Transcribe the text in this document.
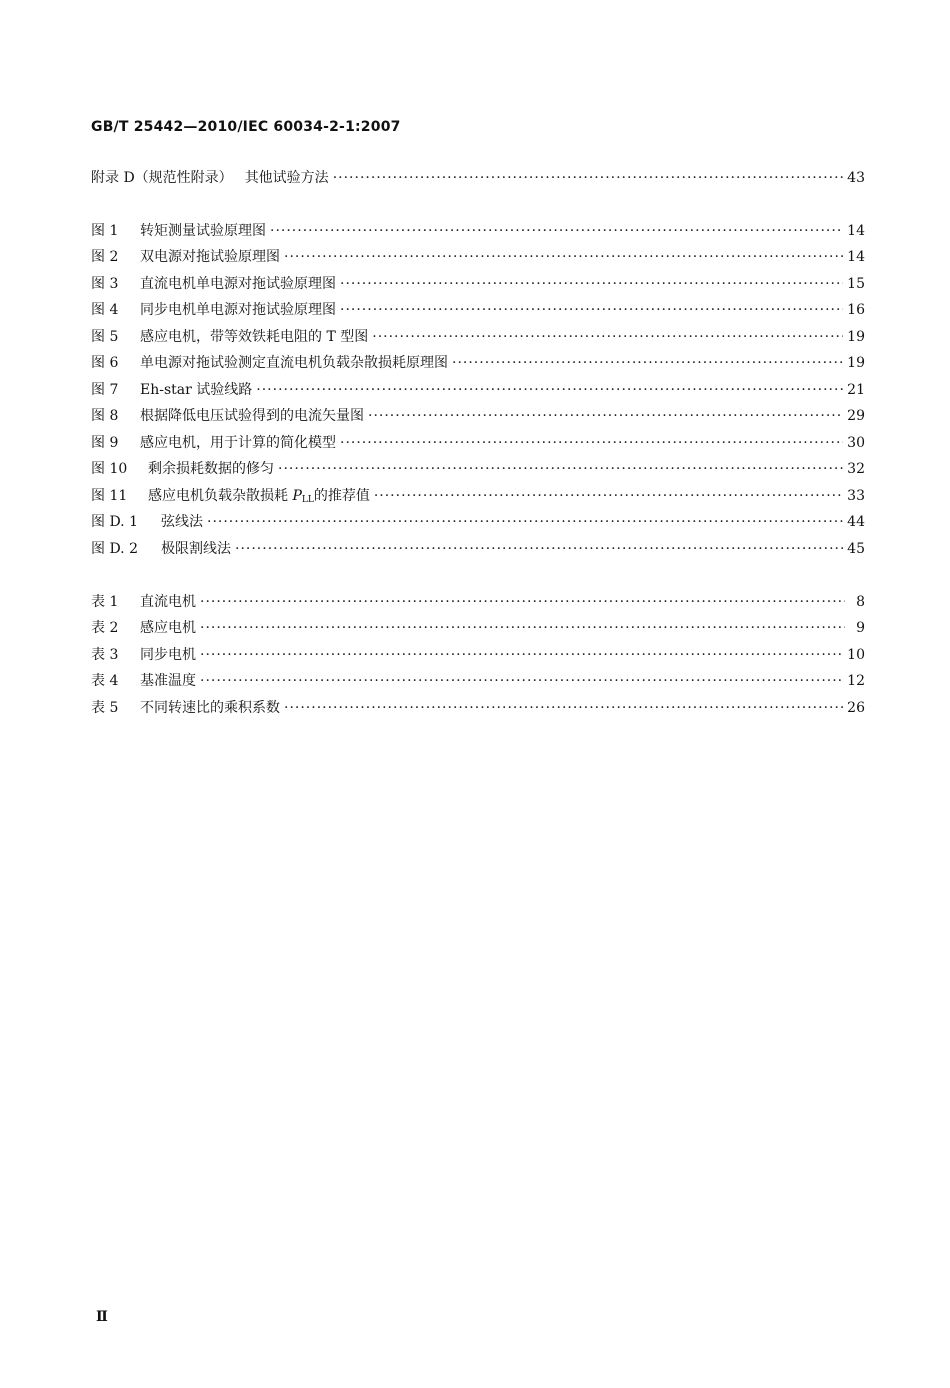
GB/T 25442—2010/IEC 60034-2-1:2007
附录 D（规范性附录） 其他试验方法 ·····	43
图 1	转矩测量试验原理图 ·····	14
图 2	双电源对拖试验原理图 ·····	14
图 3	直流电机单电源对拖试验原理图 ·····	15
图 4	同步电机单电源对拖试验原理图 ·····	16
图 5	感应电机，带等效铁耗电阻的 T 型图 ·····	19
图 6	单电源对拖试验测定直流电机负载杂散损耗原理图 ·····	19
图 7	Eh-star 试验线路 ·····	21
图 8	根据降低电压试验得到的电流矢量图 ·····	29
图 9	感应电机，用于计算的简化模型 ·····	30
图 10	剩余损耗数据的修匀 ·····	32
图 11	感应电机负载杂散损耗 $P_{LL}$的推荐值 ·····	33
图 D. 1	弦线法 ·····	44
图 D. 2	极限割线法 ·····	45
表 1	直流电机 ·····	8
表 2	感应电机 ·····	9
表 3	同步电机 ·····	10
表 4	基准温度 ·····	12
表 5	不同转速比的乘积系数 ·····	26
Ⅱ
